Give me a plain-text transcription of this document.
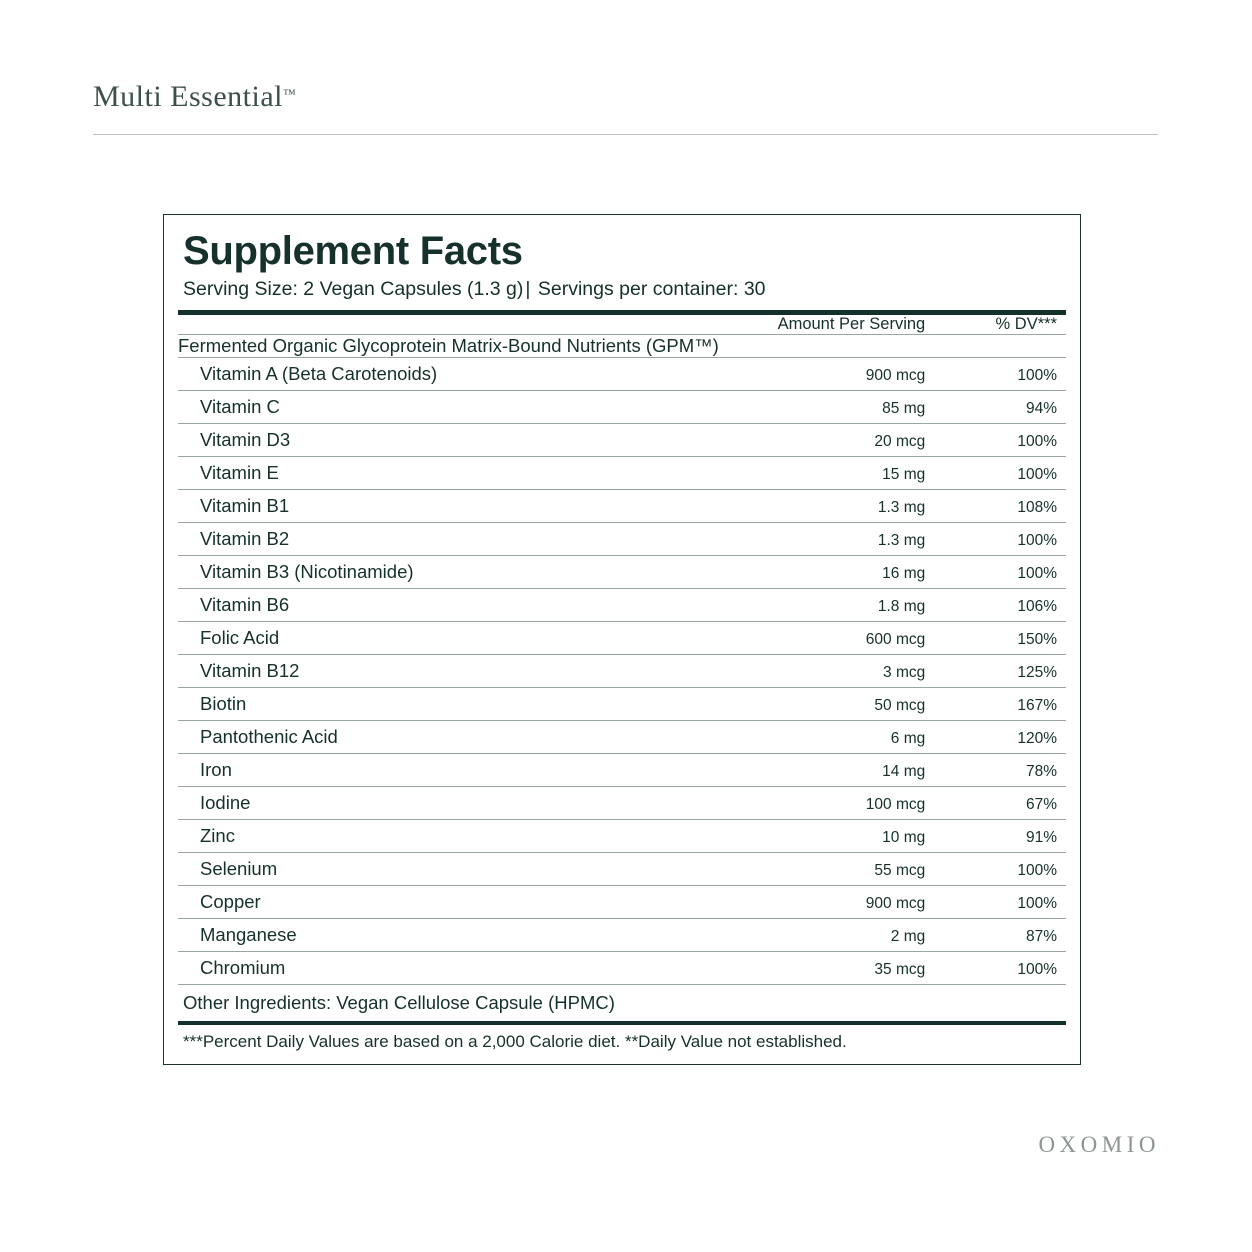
Multi Essential™
Supplement Facts
Serving Size: 2 Vegan Capsules (1.3 g) | Servings per container: 30
	Amount Per Serving	% DV***
Fermented Organic Glycoprotein Matrix-Bound Nutrients (GPM™)		
Vitamin A (Beta Carotenoids)	900 mcg	100%
Vitamin C	85 mg	94%
Vitamin D3	20 mcg	100%
Vitamin E	15 mg	100%
Vitamin B1	1.3 mg	108%
Vitamin B2	1.3 mg	100%
Vitamin B3 (Nicotinamide)	16 mg	100%
Vitamin B6	1.8 mg	106%
Folic Acid	600 mcg	150%
Vitamin B12	3 mcg	125%
Biotin	50 mcg	167%
Pantothenic Acid	6 mg	120%
Iron	14 mg	78%
Iodine	100 mcg	67%
Zinc	10 mg	91%
Selenium	55 mcg	100%
Copper	900 mcg	100%
Manganese	2 mg	87%
Chromium	35 mcg	100%
Other Ingredients: Vegan Cellulose Capsule (HPMC)		
***Percent Daily Values are based on a 2,000 Calorie diet. **Daily Value not established.
OXOMIO
